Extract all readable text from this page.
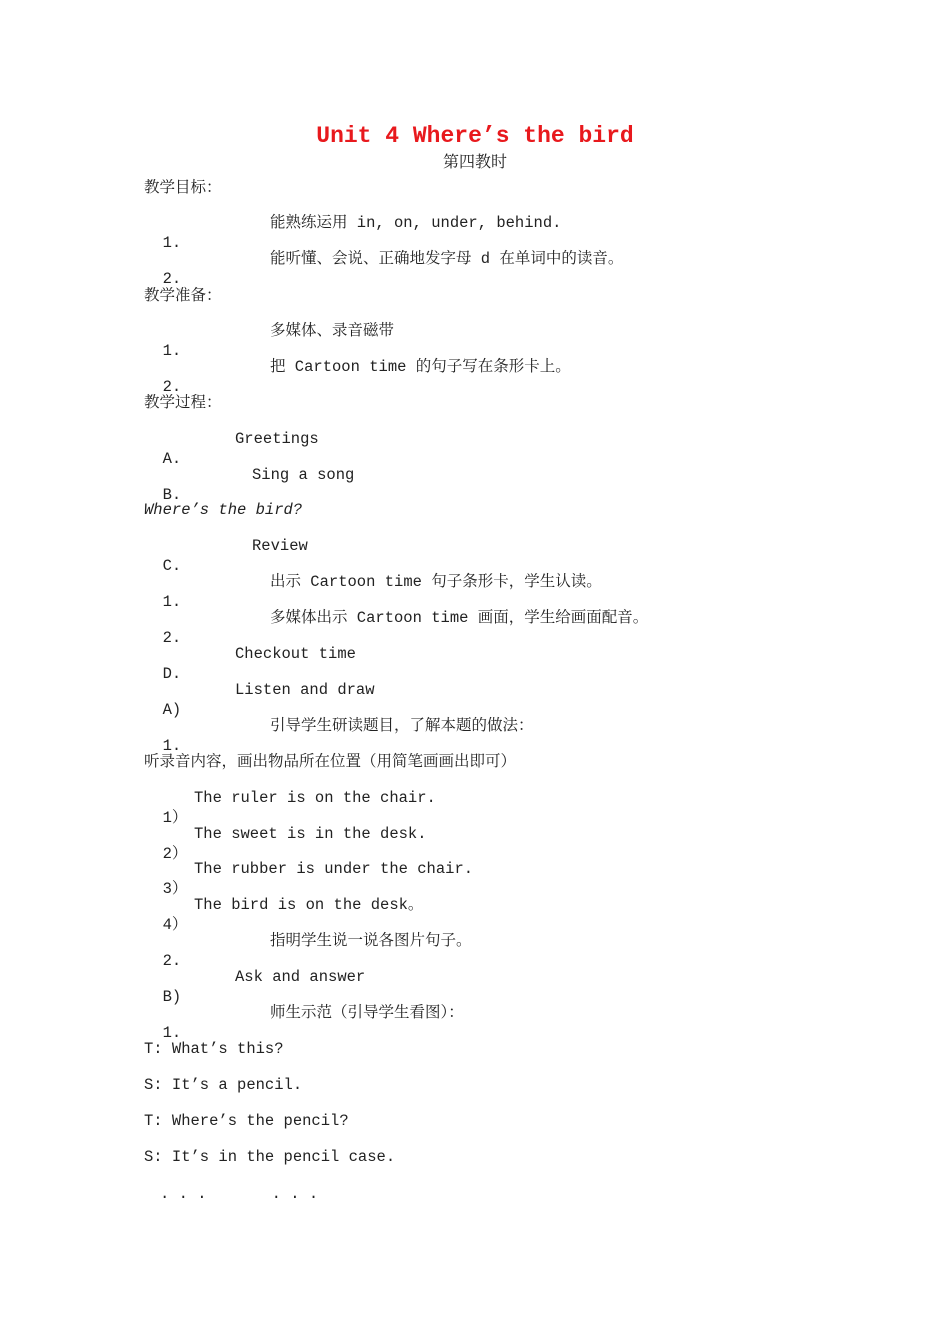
Unit 4 Where’s the bird
第四教时
教学目标：

1.

能熟练运用 in, on, under, behind.

2.

能听懂、会说、正确地发字母 d 在单词中的读音。

教学准备：

1.

多媒体、录音磁带

2.

把 Cartoon time 的句子写在条形卡上。

教学过程：

A.

Greetings

B.

Sing a song

Where’s the bird?

C.

Review

1.

出示 Cartoon time 句子条形卡，学生认读。

2.

多媒体出示 Cartoon time 画面，学生给画面配音。

D.

Checkout time

A)

Listen and draw

1.

引导学生研读题目，了解本题的做法：

听录音内容，画出物品所在位置（用简笔画画出即可）

1）

The ruler is on the chair.

2）

The sweet is in the desk.

3）

The rubber is under the chair.

4）

The bird is on the desk。

2.

指明学生说一说各图片句子。

B)

Ask and answer

1.

师生示范（引导学生看图）：

T: What’s this?
S: It’s a pencil.
T: Where’s the pencil?
S: It’s in the pencil case.
. . .       . . .
